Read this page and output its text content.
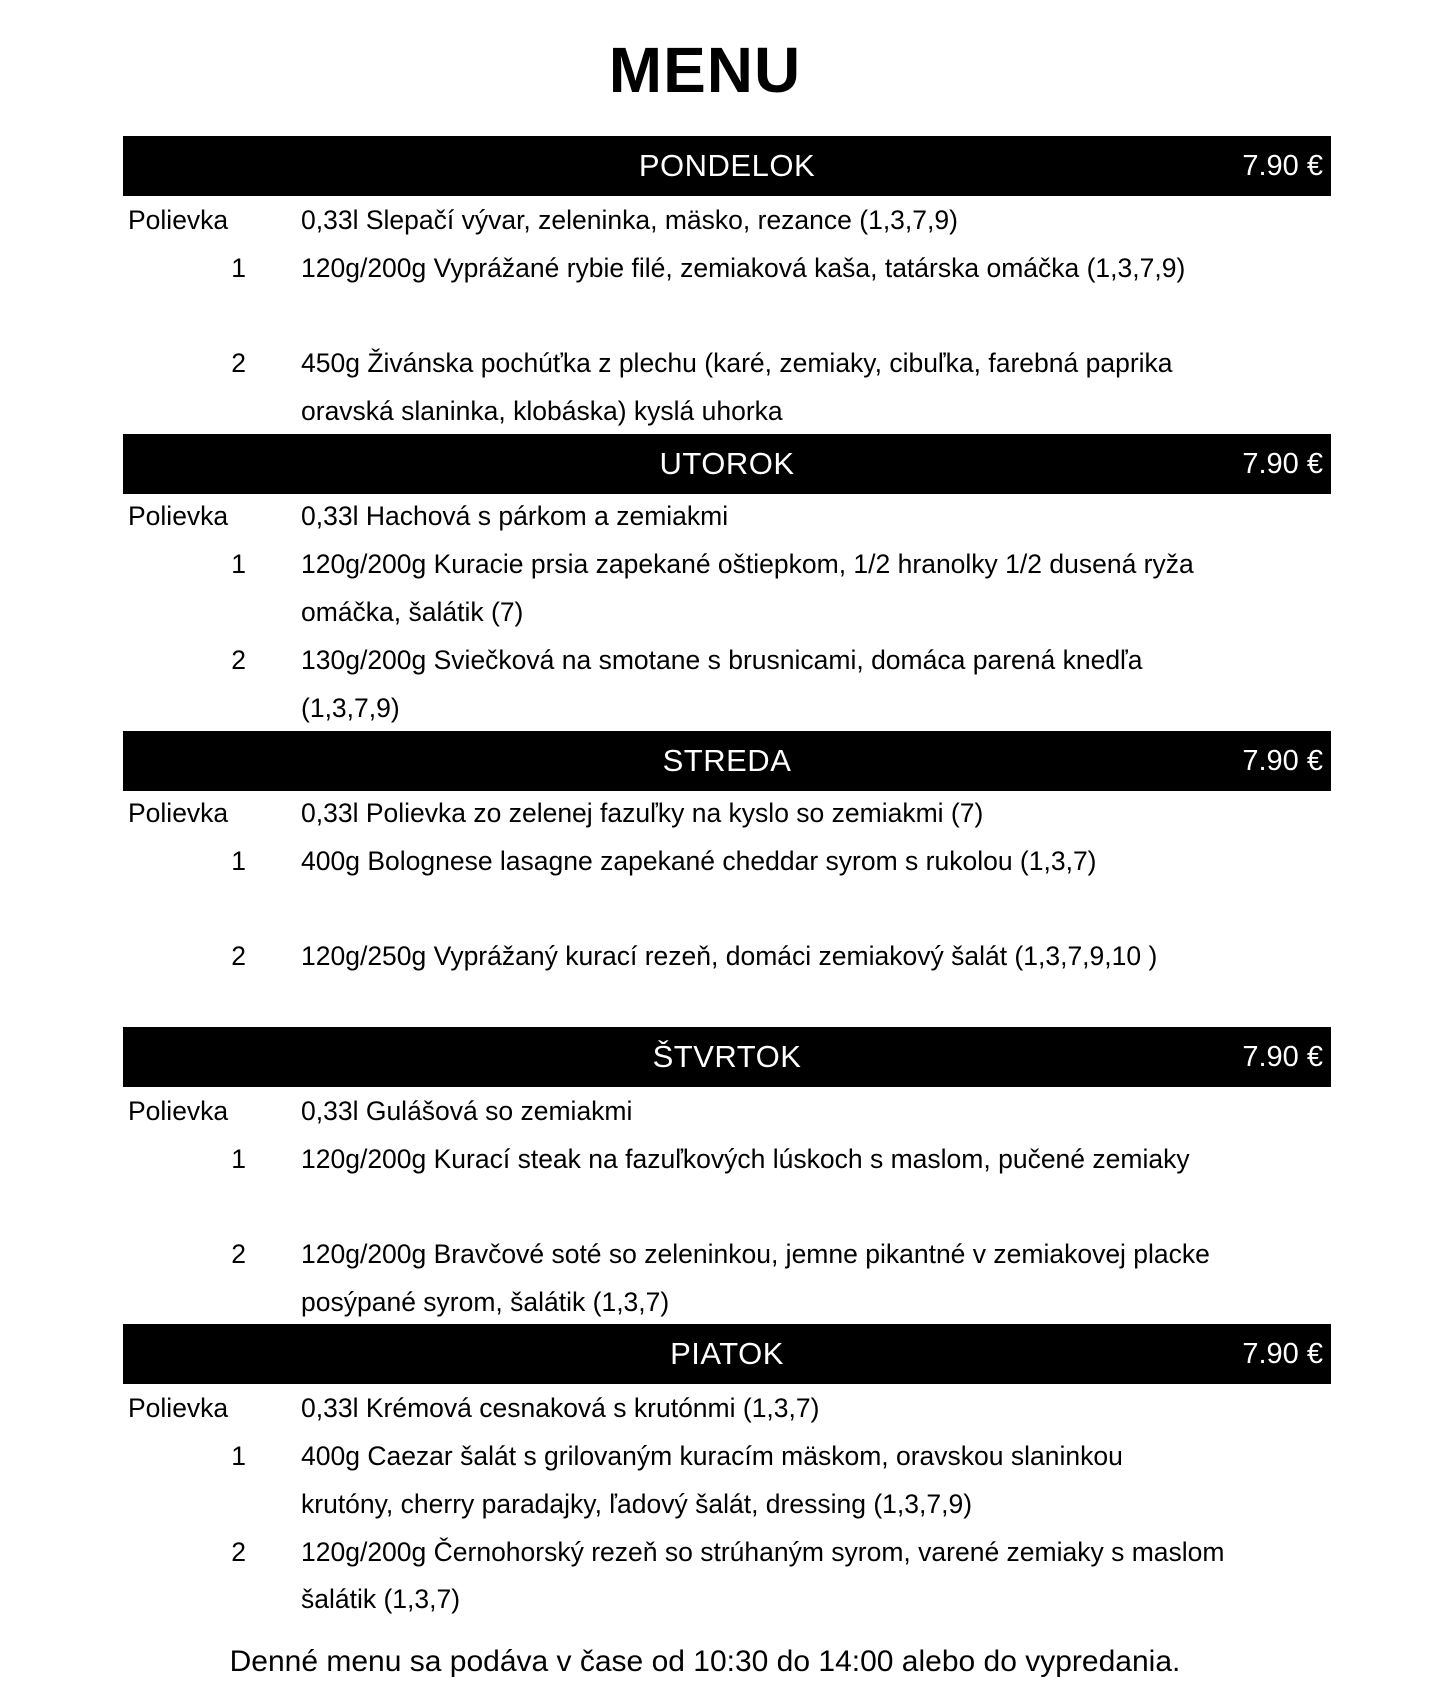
MENU
PONDELOK	7.90 €
Polievka	0,33l Slepačí vývar, zeleninka, mäsko, rezance (1,3,7,9)
1 120g/200g Vyprážané rybie filé, zemiaková kaša, tatárska omáčka (1,3,7,9)
2 450g Živánska pochúťka z plechu (karé, zemiaky, cibuľka, farebná paprika
oravská slaninka, klobáska) kyslá uhorka
UTOROK	7.90 €
Polievka	0,33l Hachová s párkom a zemiakmi
1 120g/200g Kuracie prsia zapekané oštiepkom, 1/2 hranolky 1/2 dusená ryža
omáčka, šalátik (7)
2 130g/200g Sviečková na smotane s brusnicami, domáca parená knedľa
(1,3,7,9)
STREDA	7.90 €
Polievka	0,33l Polievka zo zelenej fazuľky na kyslo so zemiakmi (7)
1 400g Bolognese lasagne zapekané cheddar syrom s rukolou (1,3,7)
2 120g/250g Vyprážaný kurací rezeň, domáci zemiakový šalát (1,3,7,9,10 )
ŠTVRTOK	7.90 €
Polievka	0,33l Gulášová so zemiakmi
1 120g/200g Kurací steak na fazuľkových lúskoch s maslom, pučené zemiaky
2 120g/200g Bravčové soté so zeleninkou, jemne pikantné v zemiakovej placke
posýpané syrom, šalátik (1,3,7)
PIATOK	7.90 €
Polievka	0,33l Krémová cesnaková s krutónmi (1,3,7)
1 400g Caezar šalát s grilovaným kuracím mäskom, oravskou slaninkou
krutóny, cherry paradajky, ľadový šalát, dressing (1,3,7,9)
2 120g/200g Černohorský rezeň so strúhaným syrom, varené zemiaky s maslom
šalátik (1,3,7)
Denné menu sa podáva v čase od 10:30 do 14:00 alebo do vypredania.
